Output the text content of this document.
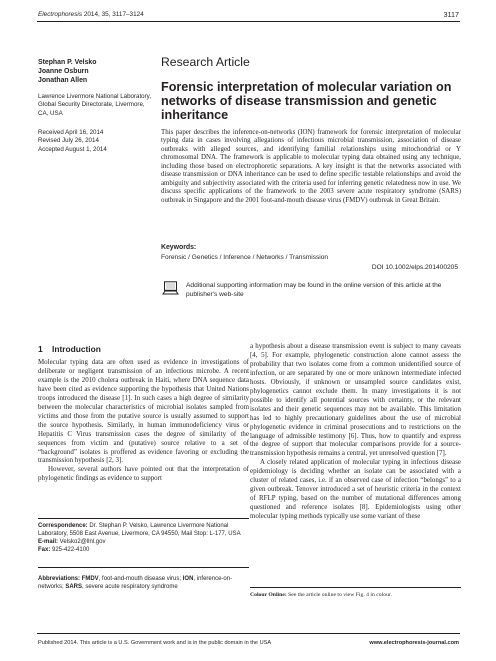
Electrophoresis 2014, 35, 3117–3124	3117
Stephan P. Velsko
Joanne Osburn
Jonathan Allen
Lawrence Livermore National Laboratory, Global Security Directorate, Livermore, CA, USA
Received April 16, 2014
Revised July 26, 2014
Accepted August 1, 2014
Research Article
Forensic interpretation of molecular variation on networks of disease transmission and genetic inheritance
This paper describes the inference-on-networks (ION) framework for forensic interpretation of molecular typing data in cases involving allegations of infectious microbial transmission, association of disease outbreaks with alleged sources, and identifying familial relationships using mitochondrial or Y chromosomal DNA. The framework is applicable to molecular typing data obtained using any technique, including those based on electrophoretic separations. A key insight is that the networks associated with disease transmission or DNA inheritance can be used to define specific testable relationships and avoid the ambiguity and subjectivity associated with the criteria used for inferring genetic relatedness now in use. We discuss specific applications of the framework to the 2003 severe acute respiratory syndrome (SARS) outbreak in Singapore and the 2001 foot-and-mouth disease virus (FMDV) outbreak in Great Britain.
Keywords:
Forensic / Genetics / Inference / Networks / Transmission
DOI 10.1002/elps.201400205
Additional supporting information may be found in the online version of this article at the publisher's web-site
1 Introduction

Molecular typing data are often used as evidence in investigations of deliberate or negligent transmission of an infectious microbe. A recent example is the 2010 cholera outbreak in Haiti, where DNA sequence data have been cited as evidence supporting the hypothesis that United Nations troops introduced the disease [1]. In such cases a high degree of similarity between the molecular characteristics of microbial isolates sampled from victims and those from the putative source is usually assumed to support the source hypothesis. Similarly, in human immunodeficiency virus or Hepatitis C Virus transmission cases the degree of similarity of the sequences from victim and (putative) source relative to a set of “background” isolates is proffered as evidence favoring or excluding the transmission hypothesis [2, 3].

However, several authors have pointed out that the interpretation of phylogenetic findings as evidence to support

a hypothesis about a disease transmission event is subject to many caveats [4, 5]. For example, phylogenetic construction alone cannot assess the probability that two isolates come from a common unidentified source of infection, or are separated by one or more unknown intermediate infected hosts. Obviously, if unknown or unsampled source candidates exist, phylogenetics cannot exclude them. In many investigations it is not possible to identify all potential sources with certainty, or the relevant isolates and their genetic sequences may not be available. This limitation has led to highly precautionary guidelines about the use of microbial phylogenetic evidence in criminal prosecutions and to restrictions on the language of admissible testimony [6]. Thus, how to quantify and express the degree of support that molecular comparisons provide for a source-transmission hypothesis remains a central, yet unresolved question [7].

A closely related application of molecular typing in infectious disease epidemiology is deciding whether an isolate can be associated with a cluster of related cases, i.e. if an observed case of infection “belongs” to a given outbreak. Tenover introduced a set of heuristic criteria in the context of RFLP typing, based on the number of mutational differences among questioned and reference isolates [8]. Epidemiologists using other molecular typing methods typically use some variant of these

Correspondence: Dr. Stephan P. Velsko, Lawrence Livermore National Laboratory, 5508 East Avenue, Livermore, CA 94550, Mail Stop: L-177, USA
E-mail: Velsko2@llnl.gov
Fax: 925-422-4100
Abbreviations: FMDV, foot-and-mouth disease virus; ION, inference-on-networks; SARS, severe acute respiratory syndrome
Colour Online: See the article online to view Fig. 4 in colour.
Published 2014. This article is a U.S. Government work and is in the public domain in the USA	www.electrophoresis-journal.com
